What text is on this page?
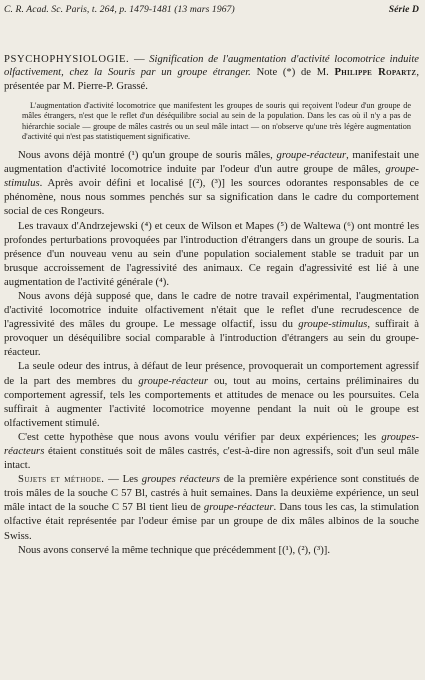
C. R. Acad. Sc. Paris, t. 264, p. 1479-1481 (13 mars 1967)	Série D
PSYCHOPHYSIOLOGIE. — Signification de l'augmentation d'activité locomotrice induite olfactivement, chez la Souris par un groupe étranger. Note (*) de M. Philippe Ropartz, présentée par M. Pierre-P. Grassé.
L'augmentation d'activité locomotrice que manifestent les groupes de souris qui reçoivent l'odeur d'un groupe de mâles étrangers, n'est que le reflet d'un déséquilibre social au sein de la population. Dans les cas où il n'y a pas de hiérarchie sociale — groupe de mâles castrés ou un seul mâle intact — on n'observe qu'une très légère augmentation d'activité qui n'est pas statistiquement significative.

Nous avons déjà montré (¹) qu'un groupe de souris mâles, groupe-réacteur, manifestait une augmentation d'activité locomotrice induite par l'odeur d'un autre groupe de mâles, groupe-stimulus. Après avoir défini et localisé [(²), (³)] les sources odorantes responsables de ce phénomène, nous nous sommes penchés sur sa signification dans le cadre du comportement social de ces Rongeurs.

Les travaux d'Andrzejewski (⁴) et ceux de Wilson et Mapes (⁵) de Waltewa (⁶) ont montré les profondes perturbations provoquées par l'introduction d'étrangers dans un groupe de souris. La présence d'un nouveau venu au sein d'une population socialement stable se traduit par un brusque accroissement de l'agressivité des animaux. Ce regain d'agressivité est lié à une augmentation de l'activité générale (⁴).

Nous avons déjà supposé que, dans le cadre de notre travail expérimental, l'augmentation d'activité locomotrice induite olfactivement n'était que le reflet d'une recrudescence de l'agressivité des mâles du groupe. Le message olfactif, issu du groupe-stimulus, suffirait à provoquer un déséquilibre social comparable à l'introduction d'étrangers au sein du groupe-réacteur.

La seule odeur des intrus, à défaut de leur présence, provoquerait un comportement agressif de la part des membres du groupe-réacteur ou, tout au moins, certains préliminaires du comportement agressif, tels les comportements et attitudes de menace ou les poursuites. Cela suffirait à augmenter l'activité locomotrice moyenne pendant la nuit où le groupe est olfactivement stimulé.

C'est cette hypothèse que nous avons voulu vérifier par deux expériences; les groupes-réacteurs étaient constitués soit de mâles castrés, c'est-à-dire non agressifs, soit d'un seul mâle intact.

Sujets et méthode. — Les groupes réacteurs de la première expérience sont constitués de trois mâles de la souche C 57 Bl, castrés à huit semaines. Dans la deuxième expérience, un seul mâle intact de la souche C 57 Bl tient lieu de groupe-réacteur. Dans tous les cas, la stimulation olfactive était représentée par l'odeur émise par un groupe de dix mâles albinos de la souche Swiss.

Nous avons conservé la même technique que précédemment [(¹), (²), (³)].
